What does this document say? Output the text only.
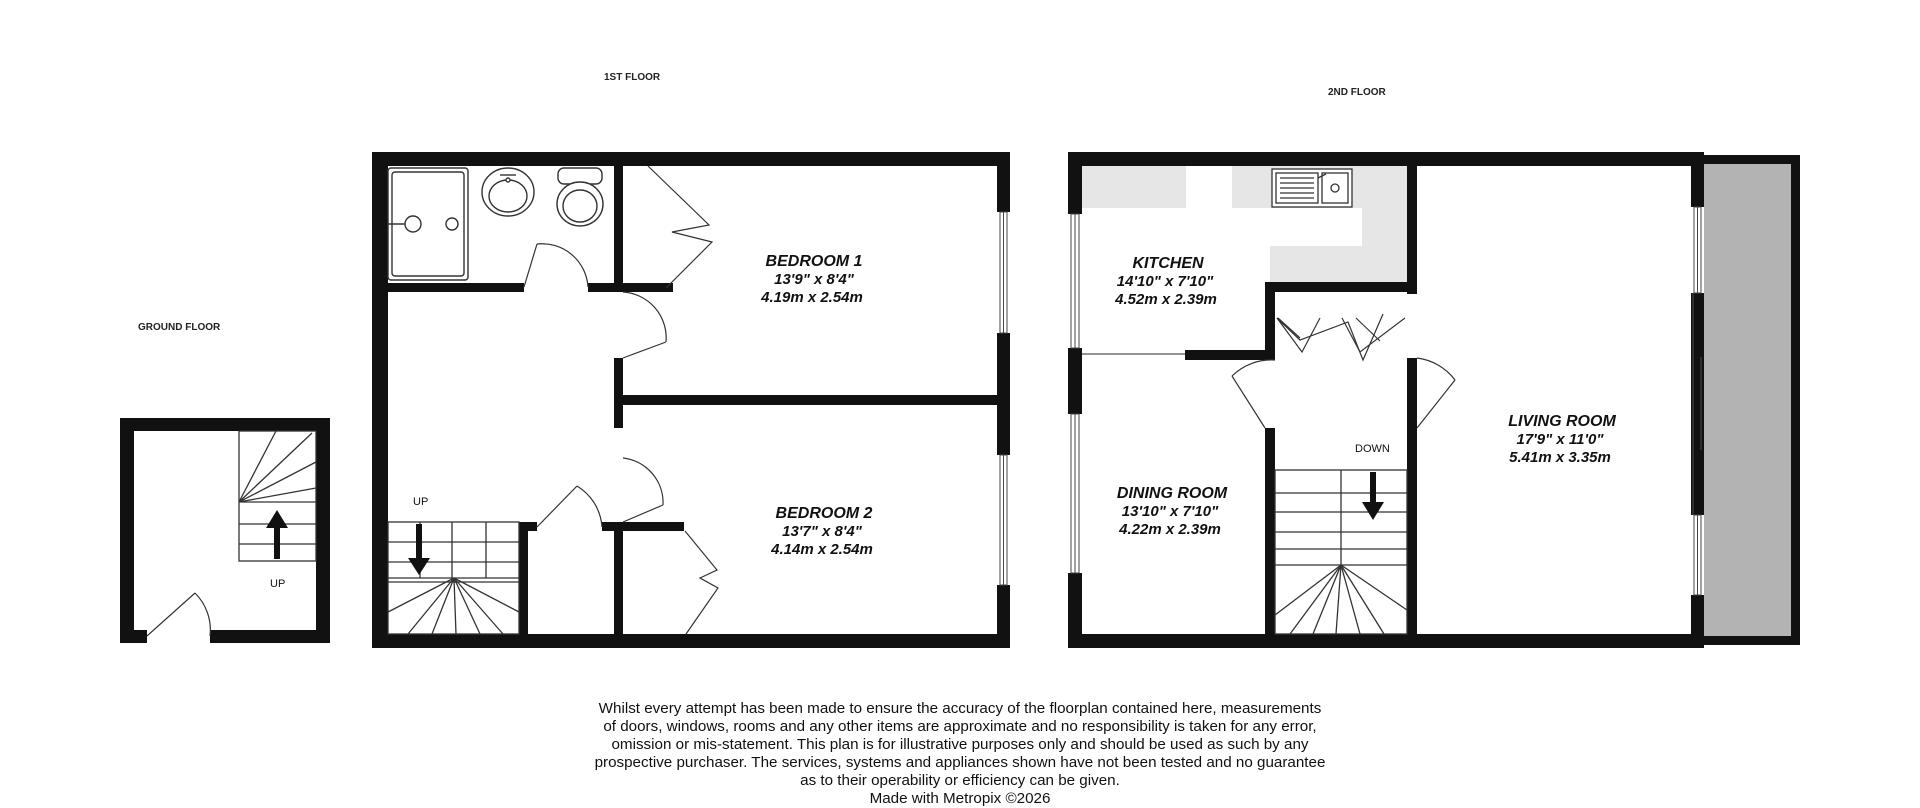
GROUND FLOOR
1ST FLOOR
2ND FLOOR
UP
UP
BEDROOM 1
13'9" x 8'4"
4.19m x 2.54m
BEDROOM 2
13'7" x 8'4"
4.14m x 2.54m
DOWN
KITCHEN
14'10" x 7'10"
4.52m x 2.39m
DINING ROOM
13'10" x 7'10"
4.22m x 2.39m
LIVING ROOM
17'9" x 11'0"
5.41m x 3.35m
Whilst every attempt has been made to ensure the accuracy of the floorplan contained here, measurements
of doors, windows, rooms and any other items are approximate and no responsibility is taken for any error,
omission or mis-statement. This plan is for illustrative purposes only and should be used as such by any
prospective purchaser. The services, systems and appliances shown have not been tested and no guarantee
as to their operability or efficiency can be given.
Made with Metropix ©2026
